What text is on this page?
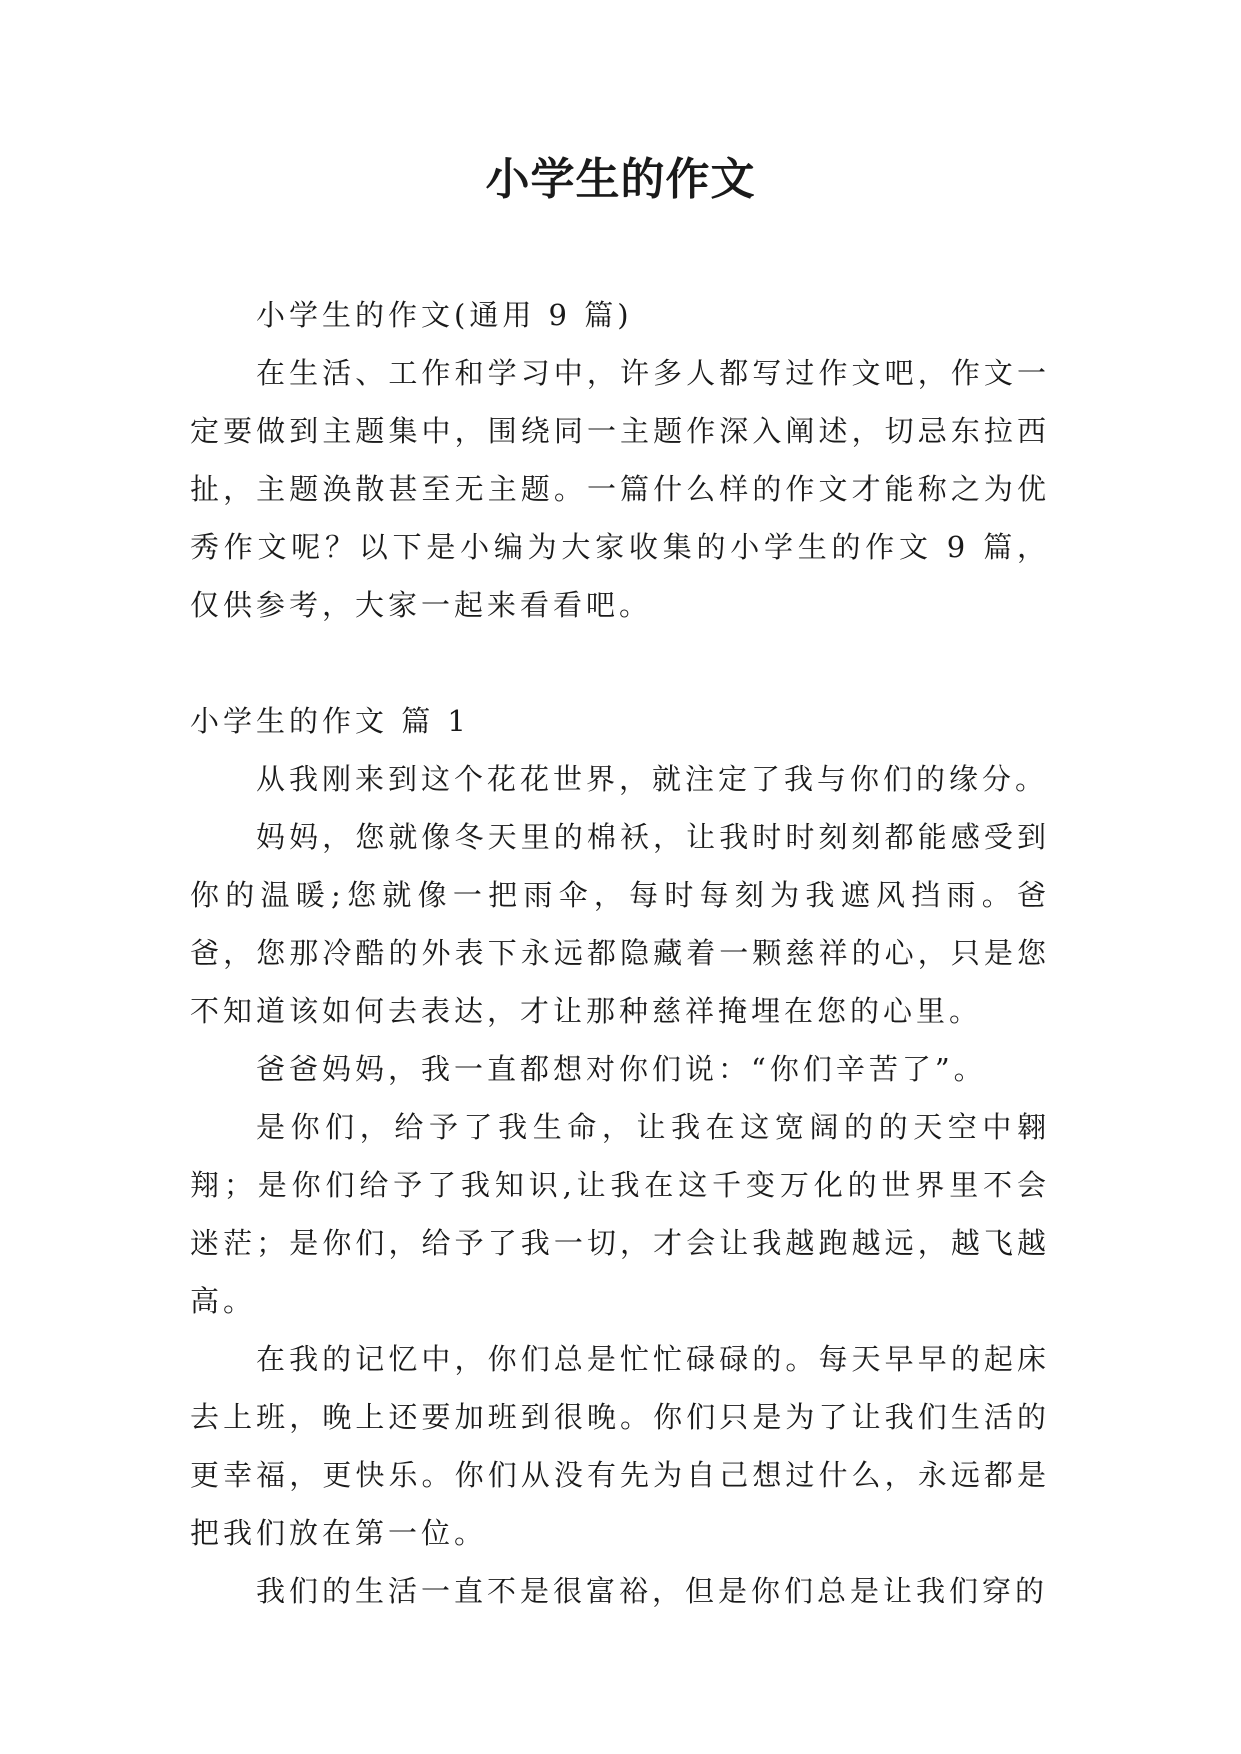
小学生的作文

小学生的作文(通用 9 篇)

在生活、工作和学习中，许多人都写过作文吧，作文一定要做到主题集中，围绕同一主题作深入阐述，切忌东拉西扯，主题涣散甚至无主题。一篇什么样的作文才能称之为优秀作文呢？以下是小编为大家收集的小学生的作文 9 篇，仅供参考，大家一起来看看吧。

小学生的作文 篇 1

从我刚来到这个花花世界，就注定了我与你们的缘分。

妈妈，您就像冬天里的棉袄，让我时时刻刻都能感受到你的温暖;您就像一把雨伞，每时每刻为我遮风挡雨。爸爸，您那冷酷的外表下永远都隐藏着一颗慈祥的心，只是您不知道该如何去表达，才让那种慈祥掩埋在您的心里。

爸爸妈妈，我一直都想对你们说：“你们辛苦了”。

是你们，给予了我生命，让我在这宽阔的的天空中翱翔；是你们给予了我知识,让我在这千变万化的世界里不会迷茫；是你们，给予了我一切，才会让我越跑越远，越飞越高。

在我的记忆中，你们总是忙忙碌碌的。每天早早的起床去上班，晚上还要加班到很晚。你们只是为了让我们生活的更幸福，更快乐。你们从没有先为自己想过什么，永远都是把我们放在第一位。

我们的生活一直不是很富裕，但是你们总是让我们穿的
